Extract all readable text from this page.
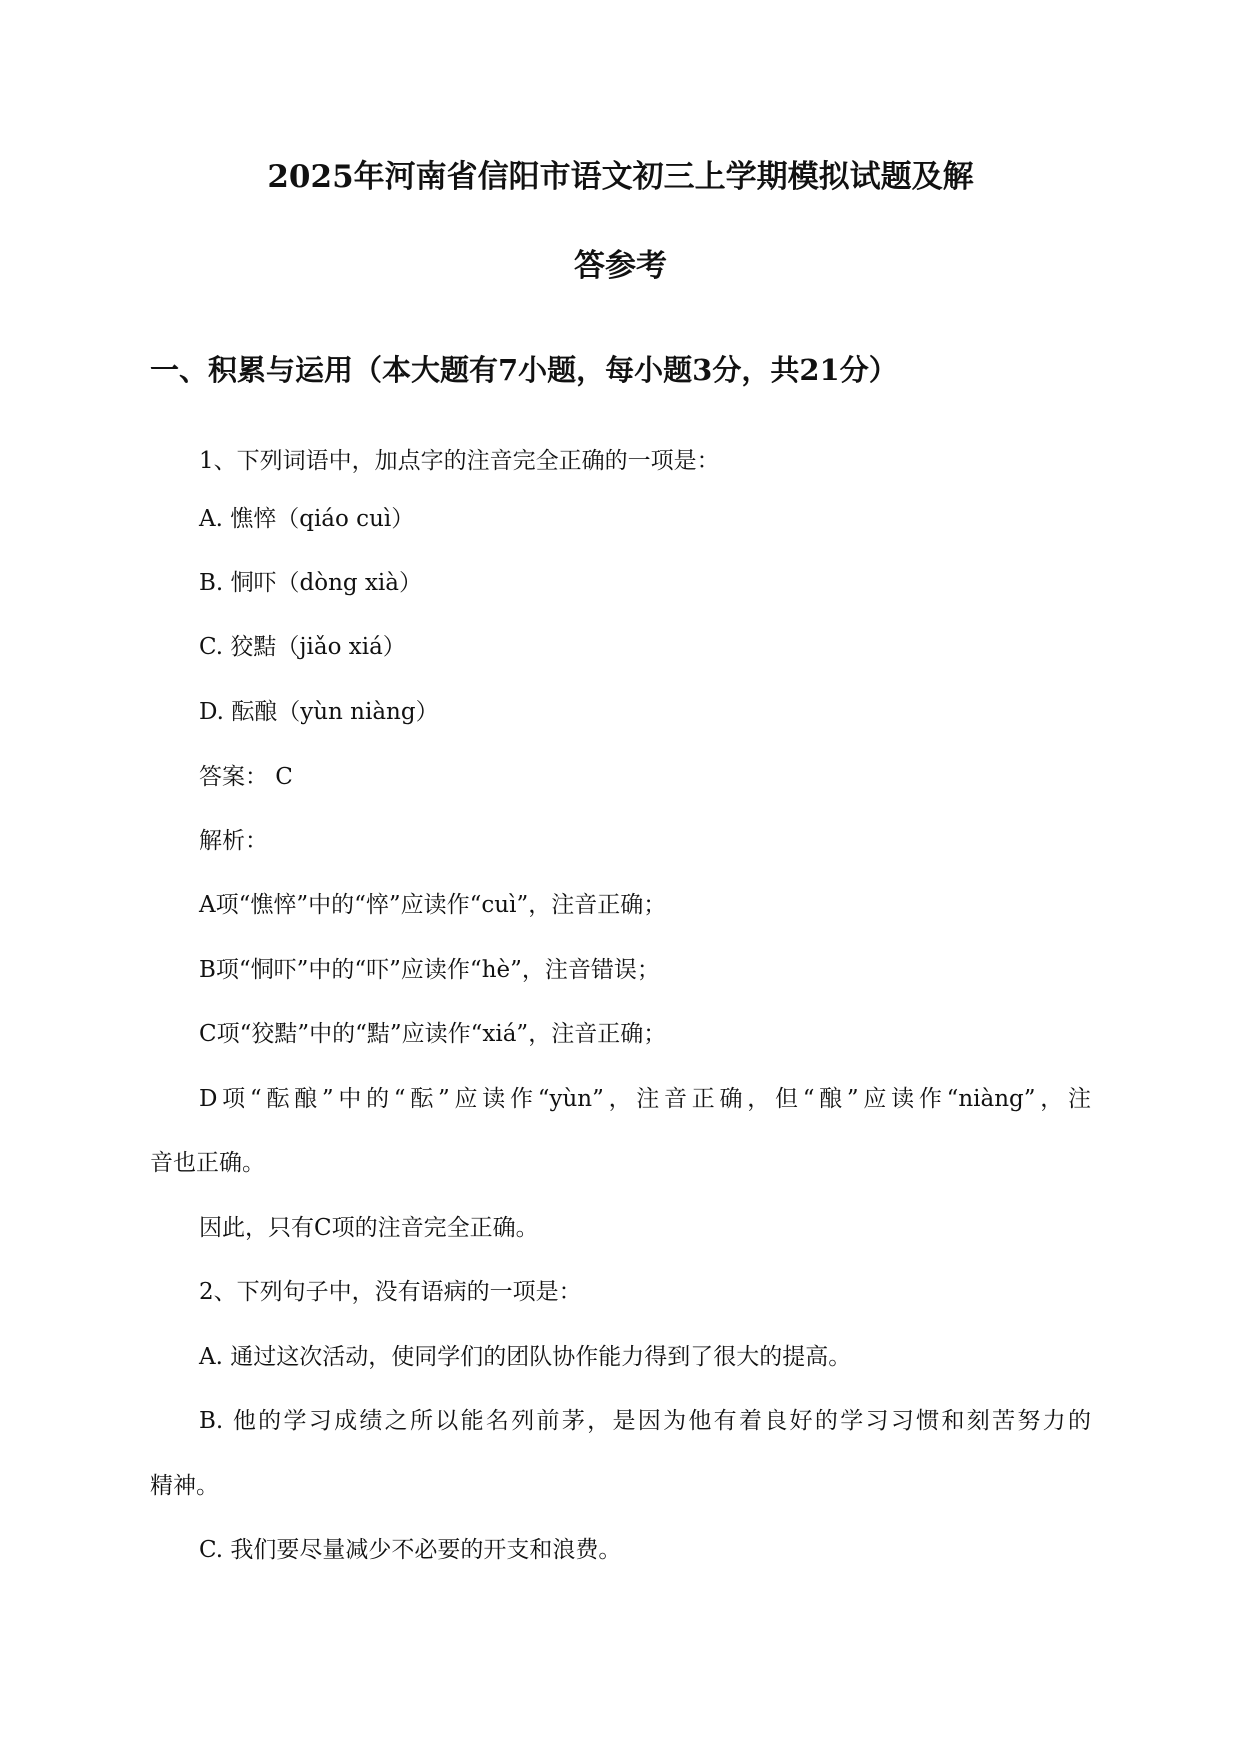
2025年河南省信阳市语文初三上学期模拟试题及解
答参考
一、积累与运用（本大题有7小题，每小题3分，共21分）
1、下列词语中，加点字的注音完全正确的一项是：
A. 憔悴（qiáo cuì）
B. 恫吓（dòng xià）
C. 狡黠（jiǎo xiá）
D. 酝酿（yùn niàng）
答案： C
解析：
A项“憔悴”中的“悴”应读作“cuì”，注音正确；
B项“恫吓”中的“吓”应读作“hè”，注音错误；
C项“狡黠”中的“黠”应读作“xiá”，注音正确；
D项“酝酿”中的“酝”应读作“yùn”，注音正确，但“酿”应读作“niàng”，注
音也正确。
因此，只有C项的注音完全正确。
2、下列句子中，没有语病的一项是：
A. 通过这次活动，使同学们的团队协作能力得到了很大的提高。
B. 他的学习成绩之所以能名列前茅，是因为他有着良好的学习习惯和刻苦努力的
精神。
C. 我们要尽量减少不必要的开支和浪费。
